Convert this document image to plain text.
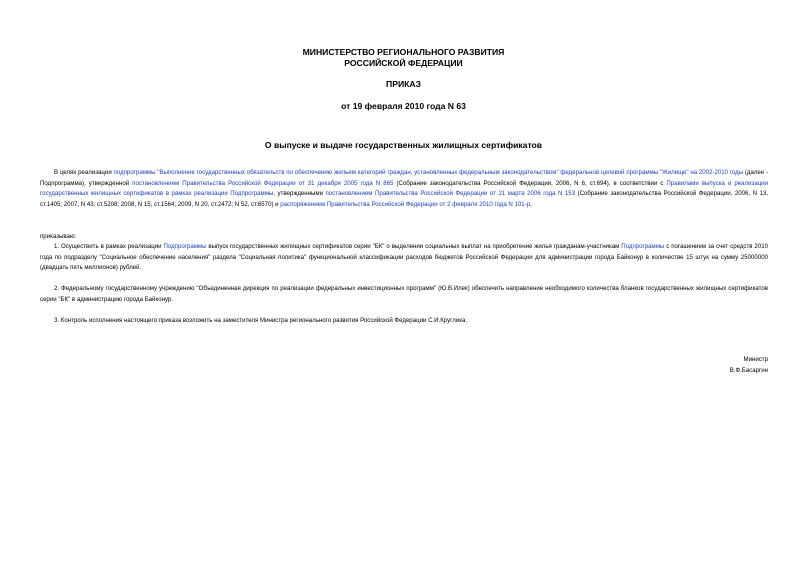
МИНИСТЕРСТВО РЕГИОНАЛЬНОГО РАЗВИТИЯ
РОССИЙСКОЙ ФЕДЕРАЦИИ
ПРИКАЗ
от 19 февраля 2010 года N 63
О выпуске и выдаче государственных жилищных сертификатов
В целях реализации подпрограммы "Выполнение государственных обязательств по обеспечению жильем категорий граждан, установленных федеральным законодательством" федеральной целевой программы "Жилище" на 2002-2010 годы (далее - Подпрограмма), утвержденной постановлением Правительства Российской Федерации от 31 декабря 2005 года N 865 (Собрание законодательства Российской Федерации, 2006, N 6, ст.694), в соответствии с Правилами выпуска и реализации государственных жилищных сертификатов в рамках реализации Подпрограммы, утвержденными постановлением Правительства Российской Федерации от 21 марта 2006 года N 153 (Собрание законодательства Российской Федерации, 2006, N 13, ст.1405; 2007, N 43, ст.5208; 2008, N 15, ст.1564; 2009, N 20, ст.2472; N 52, ст.6570) и распоряжением Правительства Российской Федерации от 2 февраля 2010 года N 101-р,
приказываю:
1. Осуществить в рамках реализации Подпрограммы выпуск государственных жилищных сертификатов серии "БК" о выделении социальных выплат на приобретение жилья гражданам-участникам Подпрограммы с погашением за счет средств 2010 года по подразделу "Социальное обеспечение населения" раздела "Социальная политика" функциональной классификации расходов бюджетов Российской Федерации для администрации города Байконур в количестве 15 штук на сумму 25000000 (двадцать пять миллионов) рублей.
2. Федеральному государственному учреждению "Объединенная дирекция по реализации федеральных инвестиционных программ" (Ю.В.Илек) обеспечить направление необходимого количества бланков государственных жилищных сертификатов серии "БК" в администрацию города Байконур.
3. Контроль исполнения настоящего приказа возложить на заместителя Министра регионального развития Российской Федерации С.И.Круглика.
Министр
В.Ф.Басаргин
